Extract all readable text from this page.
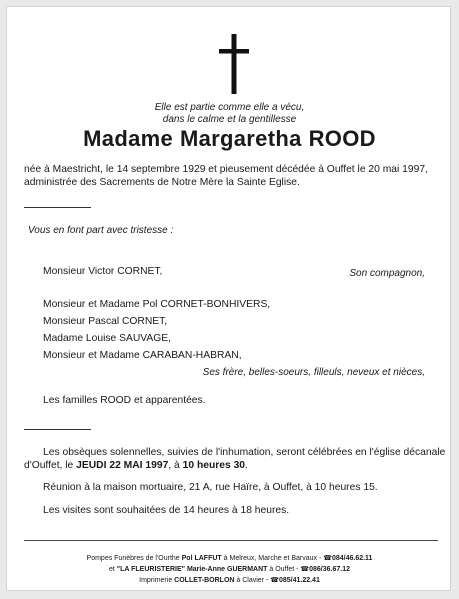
Elle est partie comme elle a vécu,
dans le calme et la gentillesse
Madame Margaretha ROOD
née à Maestricht, le 14 septembre 1929 et pieusement décédée à Ouffet le 20 mai 1997,
administrée des Sacrements de Notre Mère la Sainte Eglise.
Vous en font part avec tristesse :
Monsieur Victor CORNET,	Son compagnon,
Monsieur et Madame Pol CORNET-BONHIVERS,
Monsieur Pascal CORNET,
Madame Louise SAUVAGE,
Monsieur et Madame CARABAN-HABRAN,
Ses frère, belles-soeurs, filleuls, neveux et nièces,
Les familles ROOD et apparentées.
Les obsèques solennelles, suivies de l'inhumation, seront célébrées en l'église décanale
d'Ouffet, le JEUDI 22 MAI 1997, à 10 heures 30.
Réunion à la maison mortuaire, 21 A, rue Haïre, à Ouffet, à 10 heures 15.
Les visites sont souhaitées de 14 heures à 18 heures.
Pompes Funèbres de l'Ourthe Pol LAFFUT à Melreux, Marche et Barvaux - ☎084/46.62.11
et "LA FLEURISTERIE" Marie-Anne GUERMANT à Ouffet - ☎086/36.67.12
Imprimerie COLLET-BORLON à Clavier - ☎085/41.22.41
